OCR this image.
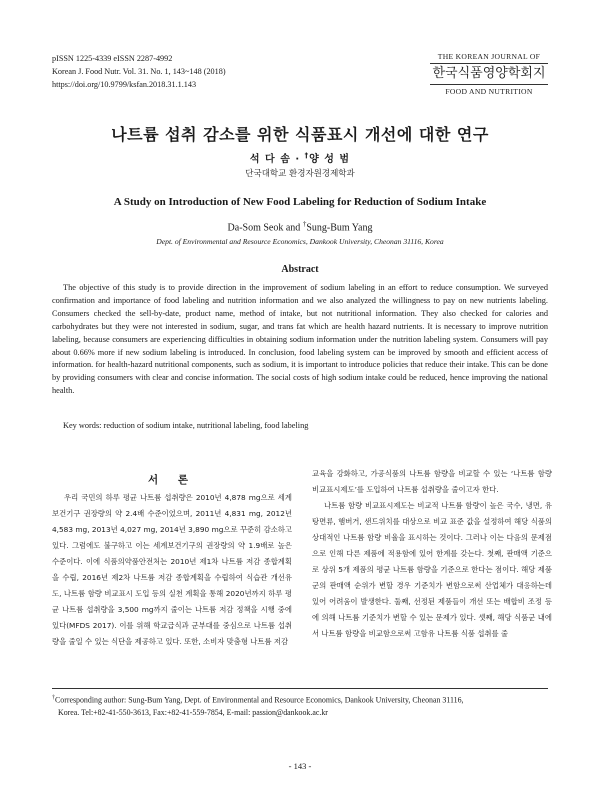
pISSN 1225-4339 eISSN 2287-4992
Korean J. Food Nutr. Vol. 31. No. 1, 143~148 (2018)
https://doi.org/10.9799/ksfan.2018.31.1.143
THE KOREAN JOURNAL OF
한국식품영양학회지
FOOD AND NUTRITION
나트륨 섭취 감소를 위한 식품표시 개선에 대한 연구
석 다 솜 · †양 성 범
단국대학교 환경자원경제학과
A Study on Introduction of New Food Labeling for Reduction of Sodium Intake
Da-Som Seok and †Sung-Bum Yang
Dept. of Environmental and Resource Economics, Dankook University, Cheonan 31116, Korea
Abstract
The objective of this study is to provide direction in the improvement of sodium labeling in an effort to reduce consumption. We surveyed confirmation and importance of food labeling and nutrition information and we also analyzed the willingness to pay on new nutrients labeling. Consumers checked the sell-by-date, product name, method of intake, but not nutritional information. They also checked for calories and carbohydrates but they were not interested in sodium, sugar, and trans fat which are health hazard nutrients. It is necessary to improve nutrition labeling, because consumers are experiencing difficulties in obtaining sodium information under the nutrition labeling system. Consumers will pay about 0.66% more if new sodium labeling is introduced. In conclusion, food labeling system can be improved by smooth and efficient access of information. for health-hazard nutritional components, such as sodium, it is important to introduce policies that reduce their intake. This can be done by providing consumers with clear and concise information. The social costs of high sodium intake could be reduced, hence improving the national health.
Key words: reduction of sodium intake, nutritional labeling, food labeling
서 론

우리 국민의 하루 평균 나트륨 섭취량은 2010년 4,878 mg으로 세계보건기구 권장량의 약 2.4배 수준이었으며, 2011년 4,831 mg, 2012년 4,583 mg, 2013년 4,027 mg, 2014년 3,890 mg으로 꾸준히 감소하고 있다. 그럼에도 불구하고 이는 세계보건기구의 권장량의 약 1.9배로 높은 수준이다. 이에 식품의약품안전처는 2010년 제1차 나트륨 저감 종합계획을 수립, 2016년 제2차 나트륨 저감 종합계획을 수립하여 식습관 개선유도, 나트륨 함량 비교표시 도입 등의 실천 계획을 통해 2020년까지 하루 평균 나트륨 섭취량을 3,500 mg까지 줄이는 나트륨 저감 정책을 시행 중에 있다(MFDS 2017). 이를 위해 학교급식과 군부대를 중심으로 나트륨 섭취량을 줄일 수 있는 식단을 제공하고 있다. 또한, 소비자 맞춤형 나트륨 저감

교육을 강화하고, 가공식품의 나트륨 함량을 비교할 수 있는 ‘나트륨 함량 비교표시제도’를 도입하여 나트륨 섭취량을 줄이고자 한다.

나트륨 함량 비교표시제도는 비교적 나트륨 함량이 높은 국수, 냉면, 유탕면류, 햄버거, 샌드위치를 대상으로 비교 표준 값을 설정하여 해당 식품의 상대적인 나트륨 함량 비율을 표시하는 것이다. 그러나 이는 다음의 문제점으로 인해 다른 제품에 적용함에 있어 한계를 갖는다. 첫째, 판매액 기준으로 상위 5개 제품의 평균 나트륨 함량을 기준으로 한다는 점이다. 해당 제품군의 판매액 순위가 변할 경우 기준치가 변함으로써 산업체가 대응하는데 있어 어려움이 발생한다. 둘째, 선정된 제품들이 개선 또는 배합비 조정 등에 의해 나트륨 기준치가 변할 수 있는 문제가 있다. 셋째, 해당 식품군 내에서 나트륨 함량을 비교함으로써 고함유 나트륨 식품 섭취를 줄

†Corresponding author: Sung-Bum Yang, Dept. of Environmental and Resource Economics, Dankook University, Cheonan 31116,
Korea. Tel:+82-41-550-3613, Fax:+82-41-559-7854, E-mail: passion@dankook.ac.kr
- 143 -
